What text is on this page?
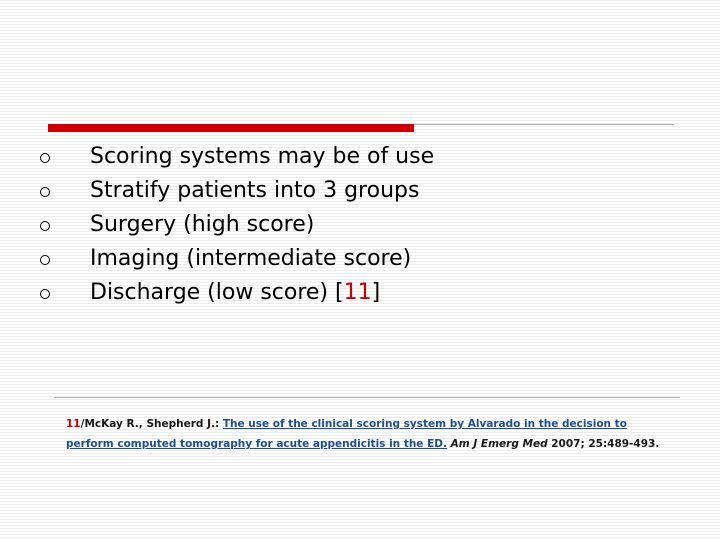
Scoring systems may be of use
Stratify patients into 3 groups
Surgery (high score)
Imaging (intermediate score)
Discharge (low score) [11]
11/McKay R., Shepherd J.: The use of the clinical scoring system by Alvarado in the decision to perform computed tomography for acute appendicitis in the ED. Am J Emerg Med 2007; 25:489-493.
